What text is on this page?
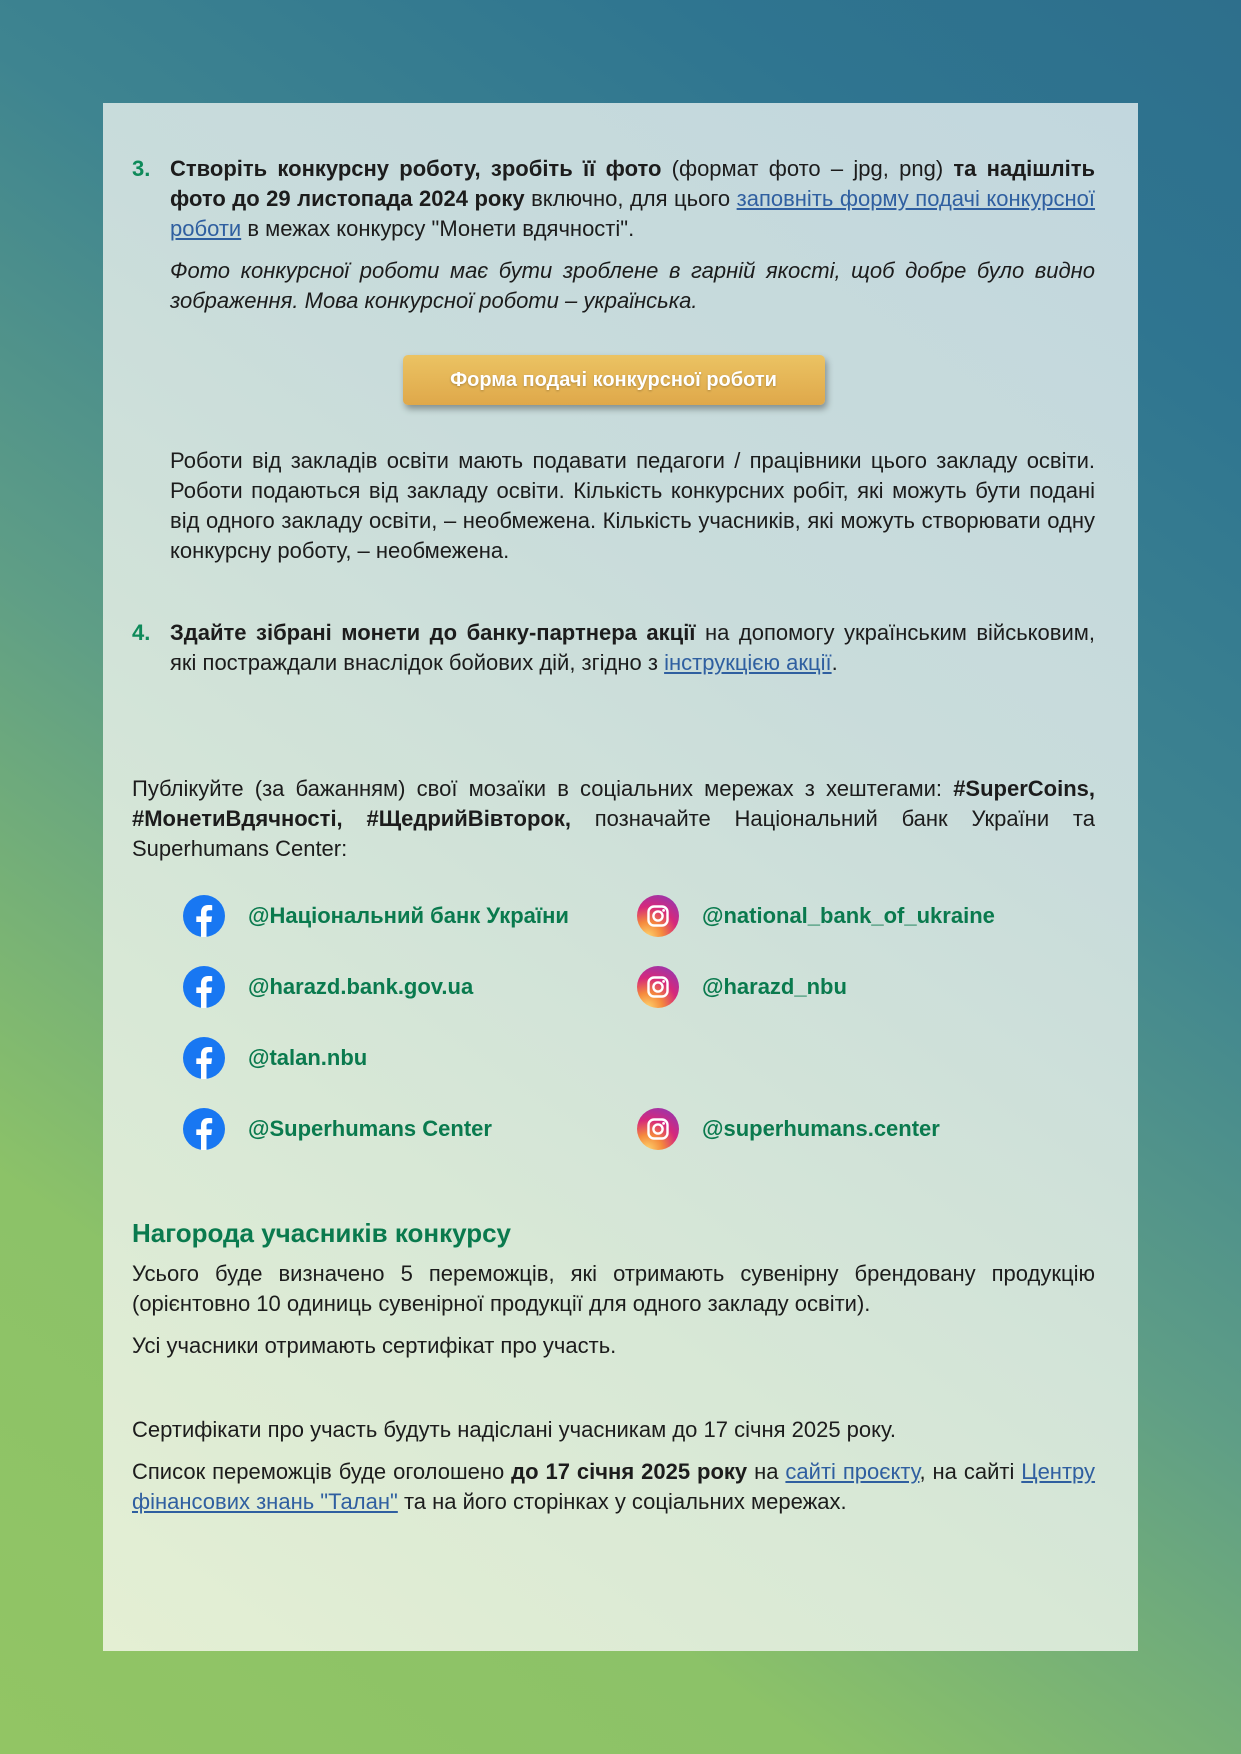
3. Створіть конкурсну роботу, зробіть її фото (формат фото – jpg, png) та надішліть фото до 29 листопада 2024 року включно, для цього заповніть форму подачі конкурсної роботи в межах конкурсу "Монети вдячності".

Фото конкурсної роботи має бути зроблене в гарній якості, щоб добре було видно зображення. Мова конкурсної роботи – українська.

Форма подачі конкурсної роботи

Роботи від закладів освіти мають подавати педагоги / працівники цього закладу освіти. Роботи подаються від закладу освіти. Кількість конкурсних робіт, які можуть бути подані від одного закладу освіти, – необмежена. Кількість учасників, які можуть створювати одну конкурсну роботу, – необмежена.

4. Здайте зібрані монети до банку-партнера акції на допомогу українським військовим, які постраждали внаслідок бойових дій, згідно з інструкцією акції.

Публікуйте (за бажанням) свої мозаїки в соціальних мережах з хештегами: #SuperCoins, #МонетиВдячності, #ЩедрийВівторок, позначайте Національний банк України та Superhumans Center:

@Національний банк України	@national_bank_of_ukraine
@harazd.bank.gov.ua	@harazd_nbu
@talan.nbu
@Superhumans Center	@superhumans.center
Нагорода учасників конкурсу

Усього буде визначено 5 переможців, які отримають сувенірну брендовану продукцію (орієнтовно 10 одиниць сувенірної продукції для одного закладу освіти).

Усі учасники отримають сертифікат про участь.

Сертифікати про участь будуть надіслані учасникам до 17 січня 2025 року.

Список переможців буде оголошено до 17 січня 2025 року на сайті проєкту, на сайті Центру фінансових знань "Талан" та на його сторінках у соціальних мережах.
